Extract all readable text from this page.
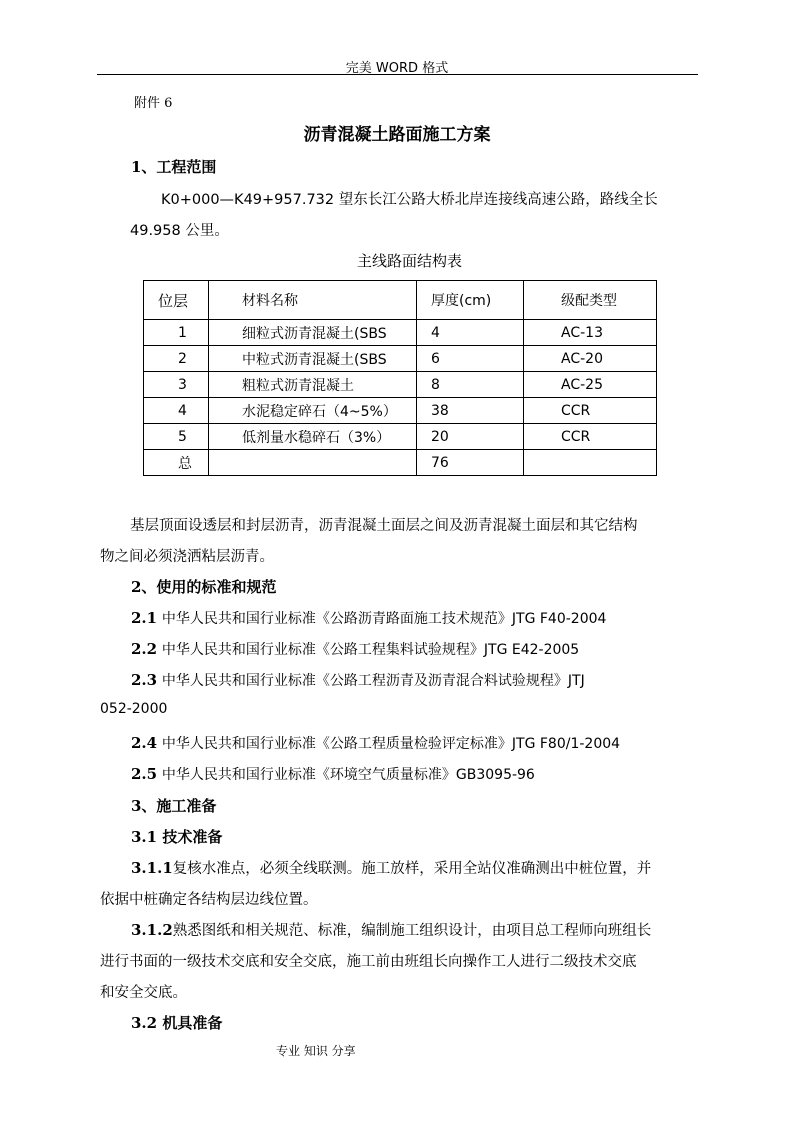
完美 WORD 格式
附件 6
沥青混凝土路面施工方案
1、工程范围
K0+000—K49+957.732 望东长江公路大桥北岸连接线高速公路，路线全长
49.958 公里。
主线路面结构表
位层	材料名称	厚度(cm)	级配类型

1	细粒式沥青混凝土(SBS	4	AC-13

2	中粒式沥青混凝土(SBS	6	AC-20

3	粗粒式沥青混凝土	8	AC-25

4	水泥稳定碎石（4~5%）	38	CCR

5	低剂量水稳碎石（3%）	20	CCR

总		76	

基层顶面设透层和封层沥青，沥青混凝土面层之间及沥青混凝土面层和其它结构
物之间必须浇洒粘层沥青。
2、使用的标准和规范
2.1 中华人民共和国行业标准《公路沥青路面施工技术规范》JTG F40-2004
2.2 中华人民共和国行业标准《公路工程集料试验规程》JTG E42-2005
2.3 中华人民共和国行业标准《公路工程沥青及沥青混合料试验规程》JTJ
052-2000
2.4 中华人民共和国行业标准《公路工程质量检验评定标准》JTG F80/1-2004
2.5 中华人民共和国行业标准《环境空气质量标准》GB3095-96
3、施工准备
3.1 技术准备
3.1.1复核水准点，必须全线联测。施工放样，采用全站仪准确测出中桩位置，并
依据中桩确定各结构层边线位置。
3.1.2熟悉图纸和相关规范、标准，编制施工组织设计，由项目总工程师向班组长
进行书面的一级技术交底和安全交底，施工前由班组长向操作工人进行二级技术交底
和安全交底。
3.2 机具准备
专业 知识 分享
